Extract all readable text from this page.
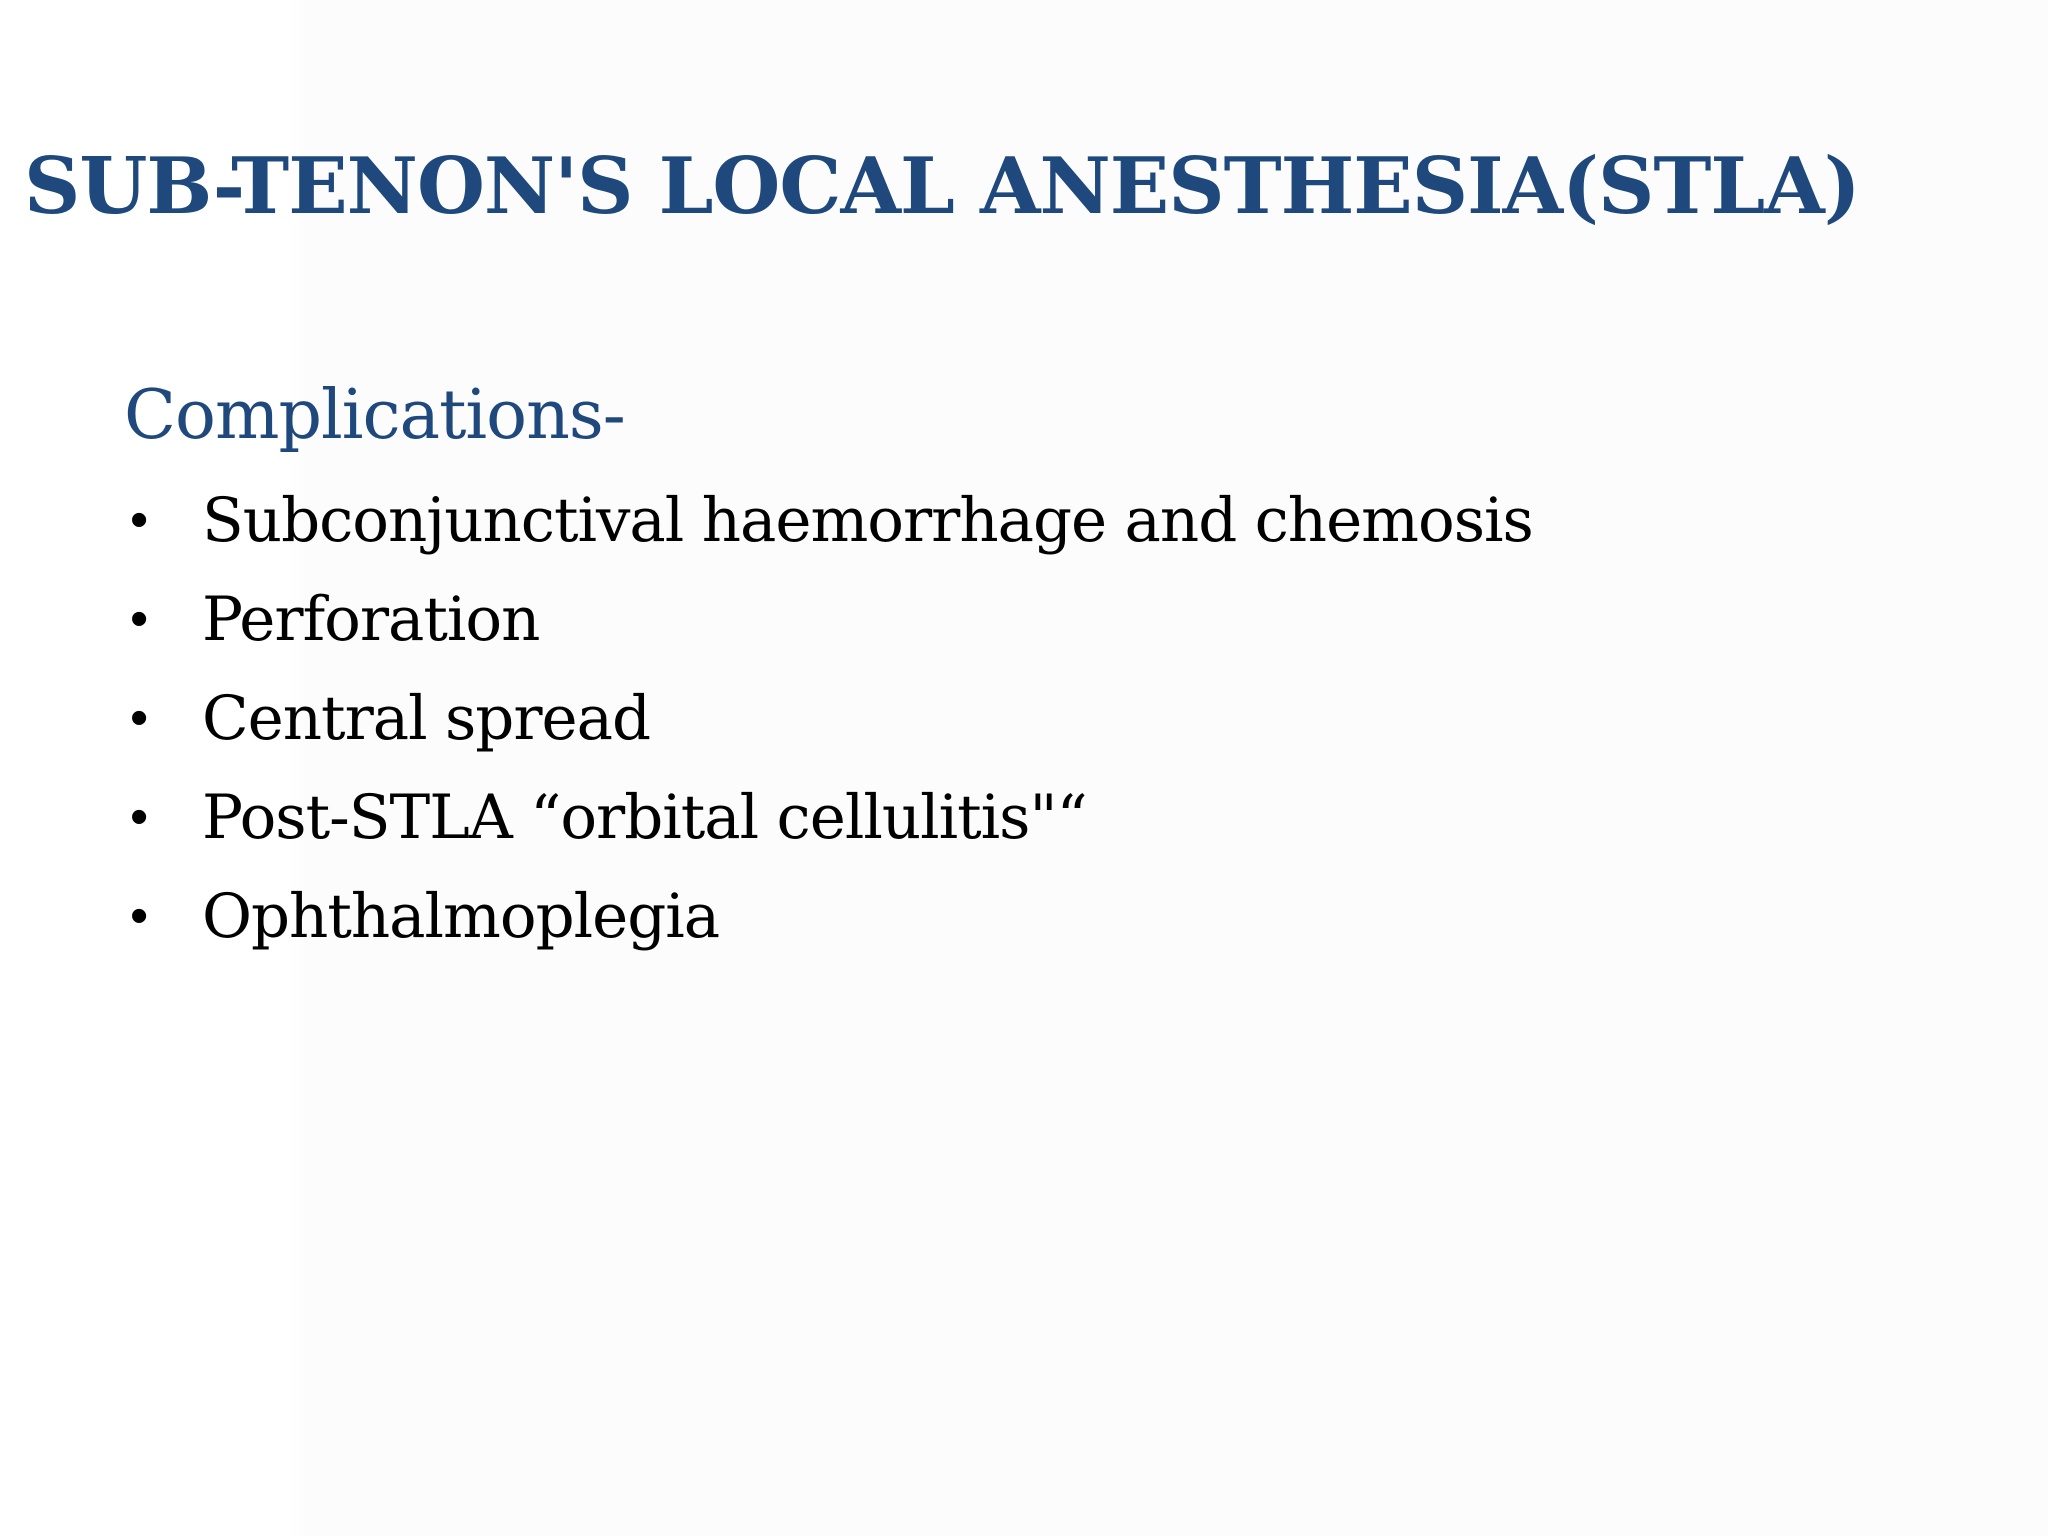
SUB-TENON'S LOCAL ANESTHESIA(STLA)
Complications-
• Subconjunctival haemorrhage and chemosis
• Perforation
• Central spread
• Post-STLA “orbital cellulitis"“
• Ophthalmoplegia
